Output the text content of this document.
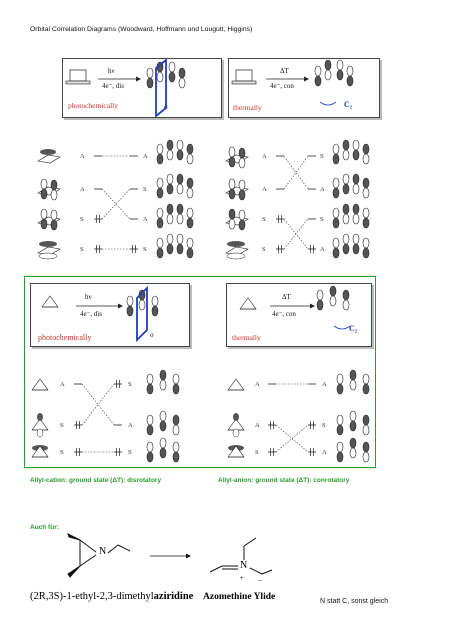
Orbital Correlation Diagrams (Woodward, Hoffmann und Lougutt, Higgins)
hν
4e⁻, dis
photochemically	σ
ΔT
4e⁻, con
thermally	C₂
A
A
S
S
A
S
A
S
A
A
S
S
S
A
S
A
hν
4e⁻, dis
photochemically	σ
ΔT
4e⁻, con
thermally
C₂
A
S
S
S
A
S
A
A
S
A
S
A
Allyl-cation: ground state (ΔT): disrotatory	Allyl-anion: ground state (ΔT): conrotatory
Auch für:
N
N
(2R,3S)-1-ethyl-2,3-dimethylaziridine Azomethine Ylide	N statt C, sonst gleich
+ –
